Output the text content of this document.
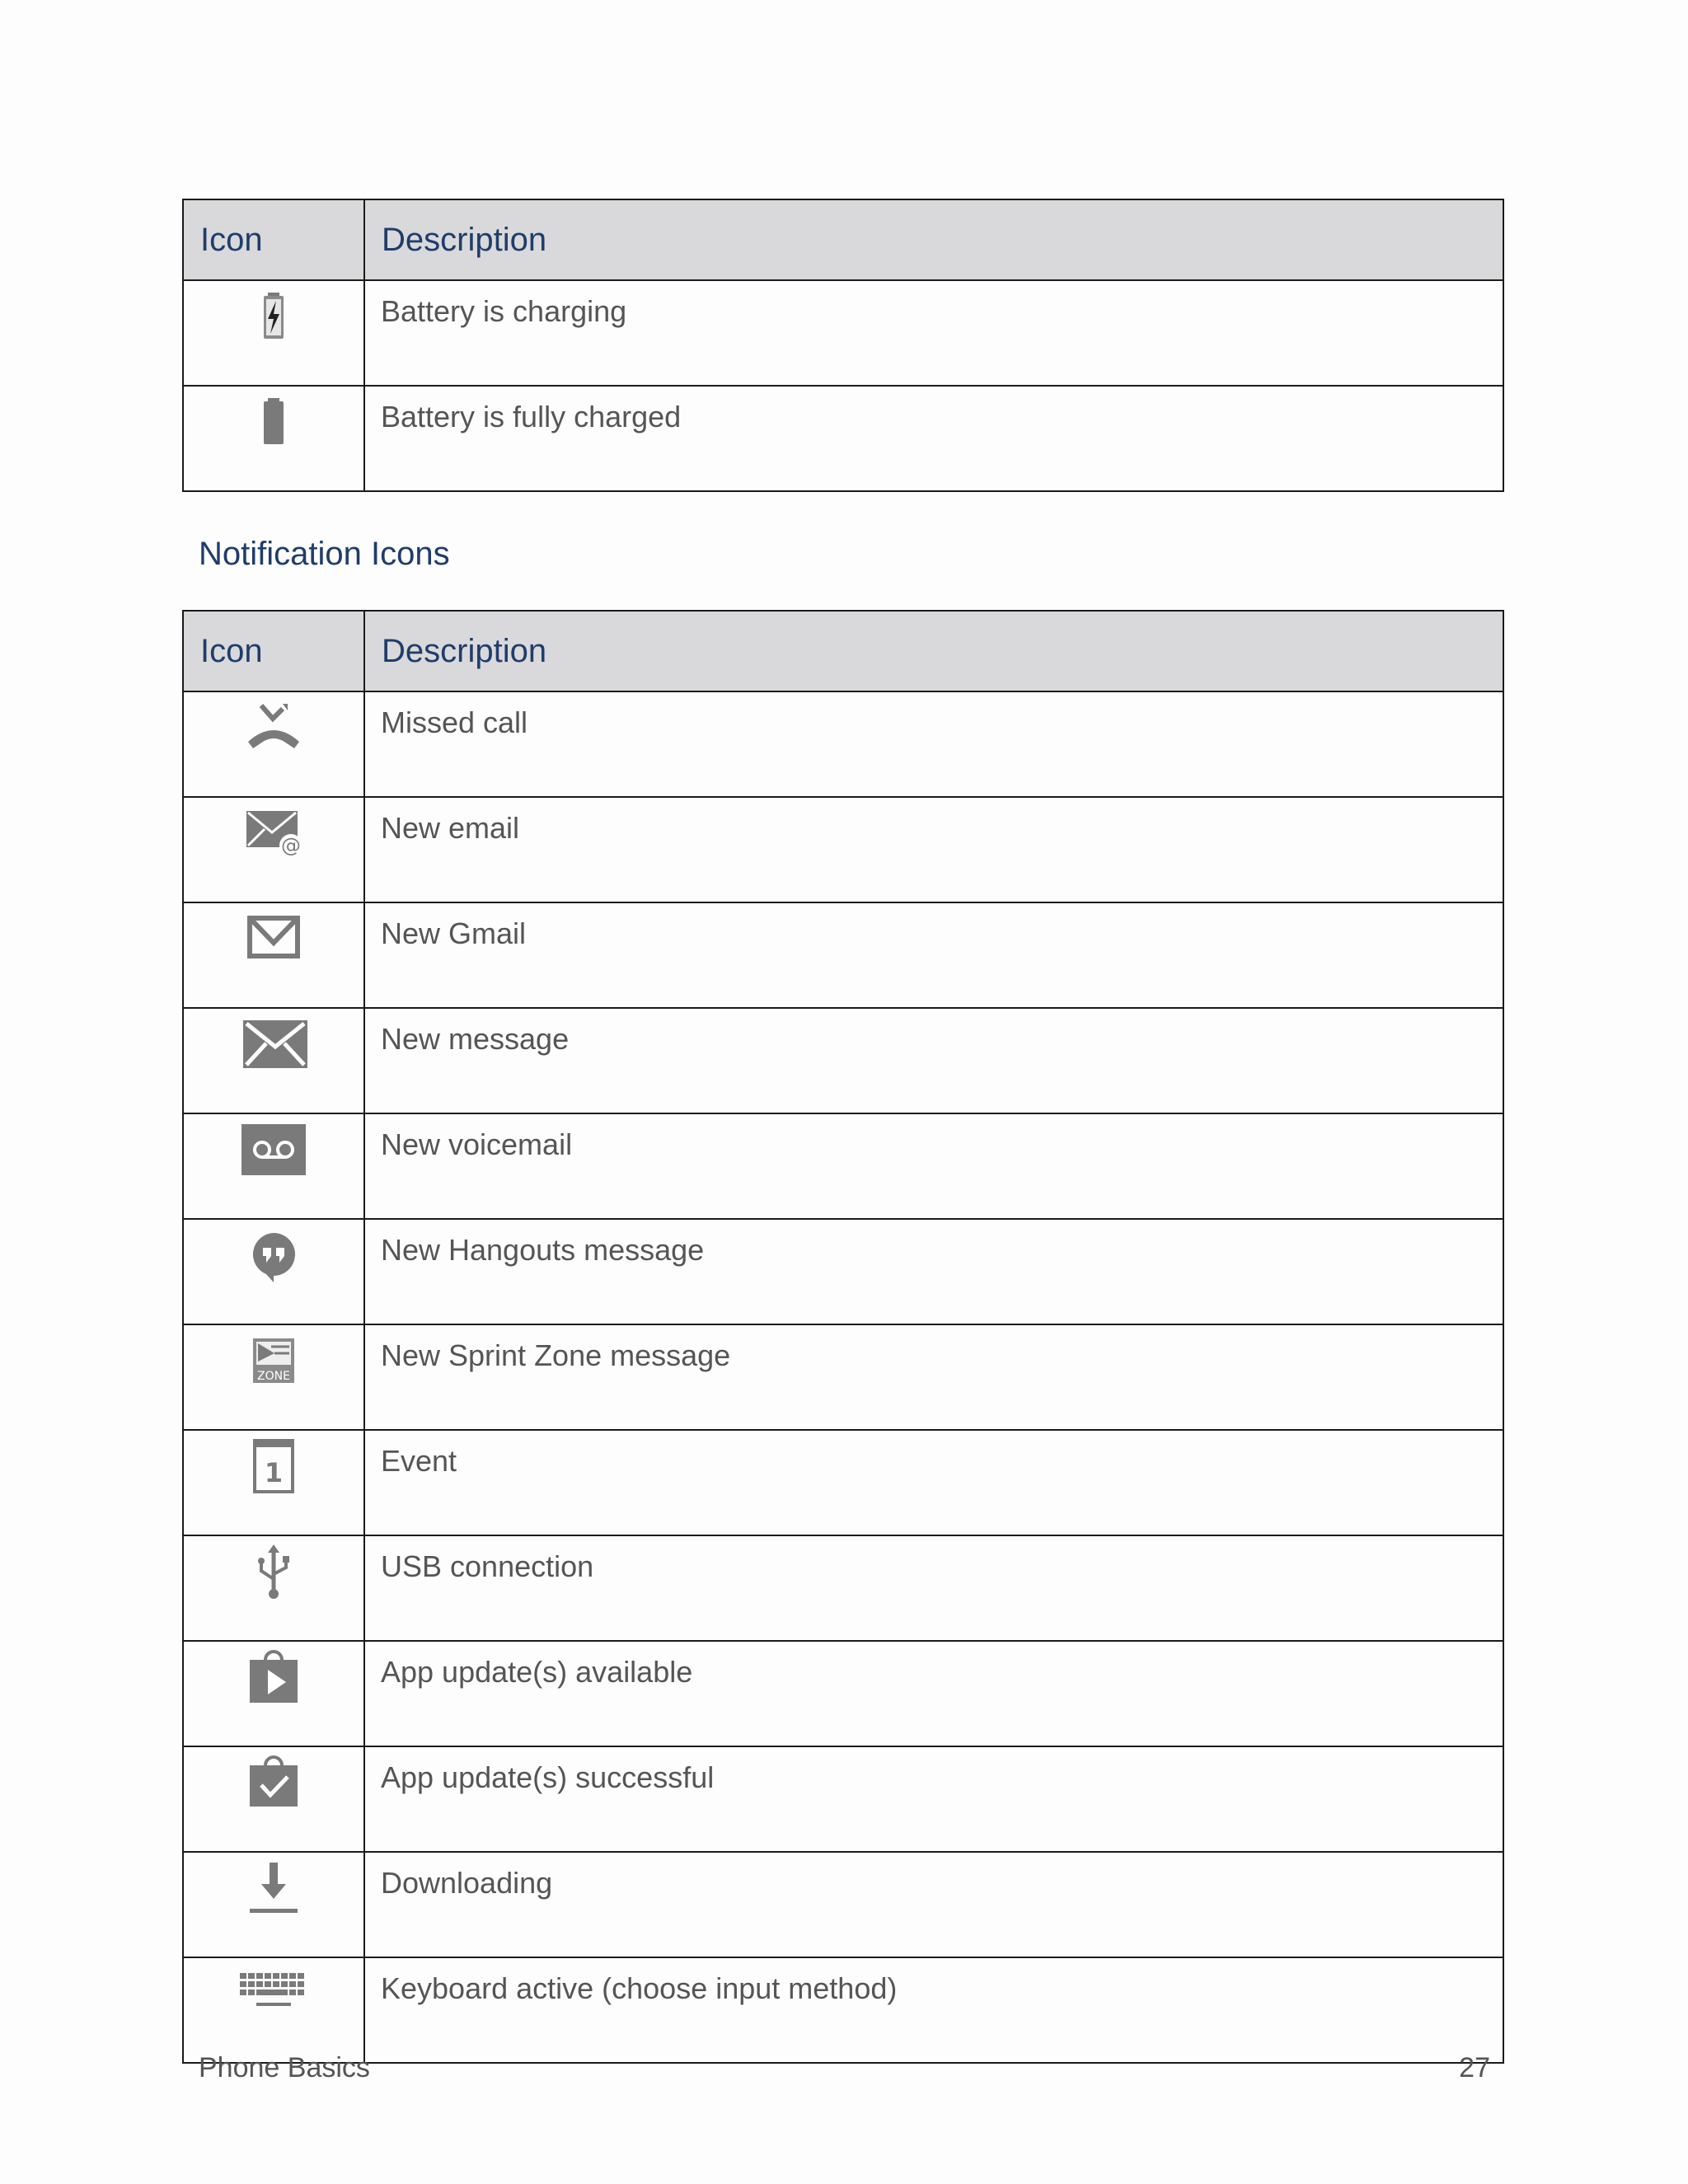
Icon	Description

	Battery is charging

	Battery is fully charged
Notification Icons
Icon	Description

	Missed call

@	New email

	New Gmail

	New message

	New voicemail

	New Hangouts message

ZONE	New Sprint Zone message

1	Event

	USB connection

	App update(s) available

	App update(s) successful

	Downloading

	Keyboard active (choose input method)
Phone Basics	27
